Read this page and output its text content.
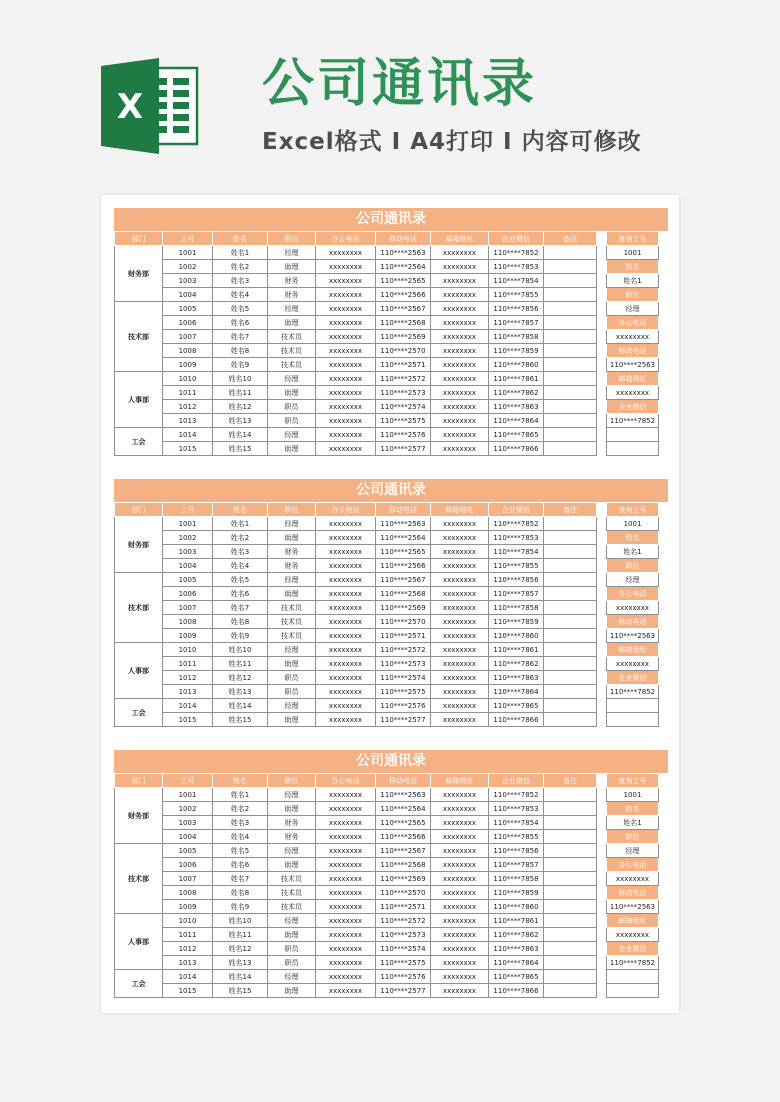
X 公司通讯录
Excel格式 I A4打印 I 内容可修改
公司通讯录
部门	工号	姓名	职位	办公电话	移动电话	邮箱地址	企业微信	备注
财务部	1001	姓名1	经理	xxxxxxxx	110****2563	xxxxxxxx	110****7852	
	1002	姓名2	助理	xxxxxxxx	110****2564	xxxxxxxx	110****7853	
	1003	姓名3	财务	xxxxxxxx	110****2565	xxxxxxxx	110****7854	
	1004	姓名4	财务	xxxxxxxx	110****2566	xxxxxxxx	110****7855	
技术部	1005	姓名5	经理	xxxxxxxx	110****2567	xxxxxxxx	110****7856	
	1006	姓名6	助理	xxxxxxxx	110****2568	xxxxxxxx	110****7857	
	1007	姓名7	技术员	xxxxxxxx	110****2569	xxxxxxxx	110****7858	
	1008	姓名8	技术员	xxxxxxxx	110****2570	xxxxxxxx	110****7859	
	1009	姓名9	技术员	xxxxxxxx	110****2571	xxxxxxxx	110****7860	
人事部	1010	姓名10	经理	xxxxxxxx	110****2572	xxxxxxxx	110****7861	
	1011	姓名11	助理	xxxxxxxx	110****2573	xxxxxxxx	110****7862	
	1012	姓名12	职员	xxxxxxxx	110****2574	xxxxxxxx	110****7863	
	1013	姓名13	职员	xxxxxxxx	110****2575	xxxxxxxx	110****7864	
工会	1014	姓名14	经理	xxxxxxxx	110****2576	xxxxxxxx	110****7865	
	1015	姓名15	助理	xxxxxxxx	110****2577	xxxxxxxx	110****7866	
查询工号
1001
姓名
姓名1
职位
经理
办公电话
xxxxxxxx
移动电话
110****2563
邮箱地址
xxxxxxxx
企业微信
110****7852

公司通讯录
部门	工号	姓名	职位	办公电话	移动电话	邮箱地址	企业微信	备注
财务部	1001	姓名1	经理	xxxxxxxx	110****2563	xxxxxxxx	110****7852	
	1002	姓名2	助理	xxxxxxxx	110****2564	xxxxxxxx	110****7853	
	1003	姓名3	财务	xxxxxxxx	110****2565	xxxxxxxx	110****7854	
	1004	姓名4	财务	xxxxxxxx	110****2566	xxxxxxxx	110****7855	
技术部	1005	姓名5	经理	xxxxxxxx	110****2567	xxxxxxxx	110****7856	
	1006	姓名6	助理	xxxxxxxx	110****2568	xxxxxxxx	110****7857	
	1007	姓名7	技术员	xxxxxxxx	110****2569	xxxxxxxx	110****7858	
	1008	姓名8	技术员	xxxxxxxx	110****2570	xxxxxxxx	110****7859	
	1009	姓名9	技术员	xxxxxxxx	110****2571	xxxxxxxx	110****7860	
人事部	1010	姓名10	经理	xxxxxxxx	110****2572	xxxxxxxx	110****7861	
	1011	姓名11	助理	xxxxxxxx	110****2573	xxxxxxxx	110****7862	
	1012	姓名12	职员	xxxxxxxx	110****2574	xxxxxxxx	110****7863	
	1013	姓名13	职员	xxxxxxxx	110****2575	xxxxxxxx	110****7864	
工会	1014	姓名14	经理	xxxxxxxx	110****2576	xxxxxxxx	110****7865	
	1015	姓名15	助理	xxxxxxxx	110****2577	xxxxxxxx	110****7866	
查询工号
1001
姓名
姓名1
职位
经理
办公电话
xxxxxxxx
移动电话
110****2563
邮箱地址
xxxxxxxx
企业微信
110****7852

公司通讯录
部门	工号	姓名	职位	办公电话	移动电话	邮箱地址	企业微信	备注
财务部	1001	姓名1	经理	xxxxxxxx	110****2563	xxxxxxxx	110****7852	
	1002	姓名2	助理	xxxxxxxx	110****2564	xxxxxxxx	110****7853	
	1003	姓名3	财务	xxxxxxxx	110****2565	xxxxxxxx	110****7854	
	1004	姓名4	财务	xxxxxxxx	110****2566	xxxxxxxx	110****7855	
技术部	1005	姓名5	经理	xxxxxxxx	110****2567	xxxxxxxx	110****7856	
	1006	姓名6	助理	xxxxxxxx	110****2568	xxxxxxxx	110****7857	
	1007	姓名7	技术员	xxxxxxxx	110****2569	xxxxxxxx	110****7858	
	1008	姓名8	技术员	xxxxxxxx	110****2570	xxxxxxxx	110****7859	
	1009	姓名9	技术员	xxxxxxxx	110****2571	xxxxxxxx	110****7860	
人事部	1010	姓名10	经理	xxxxxxxx	110****2572	xxxxxxxx	110****7861	
	1011	姓名11	助理	xxxxxxxx	110****2573	xxxxxxxx	110****7862	
	1012	姓名12	职员	xxxxxxxx	110****2574	xxxxxxxx	110****7863	
	1013	姓名13	职员	xxxxxxxx	110****2575	xxxxxxxx	110****7864	
工会	1014	姓名14	经理	xxxxxxxx	110****2576	xxxxxxxx	110****7865	
	1015	姓名15	助理	xxxxxxxx	110****2577	xxxxxxxx	110****7866	
查询工号
1001
姓名
姓名1
职位
经理
办公电话
xxxxxxxx
移动电话
110****2563
邮箱地址
xxxxxxxx
企业微信
110****7852
